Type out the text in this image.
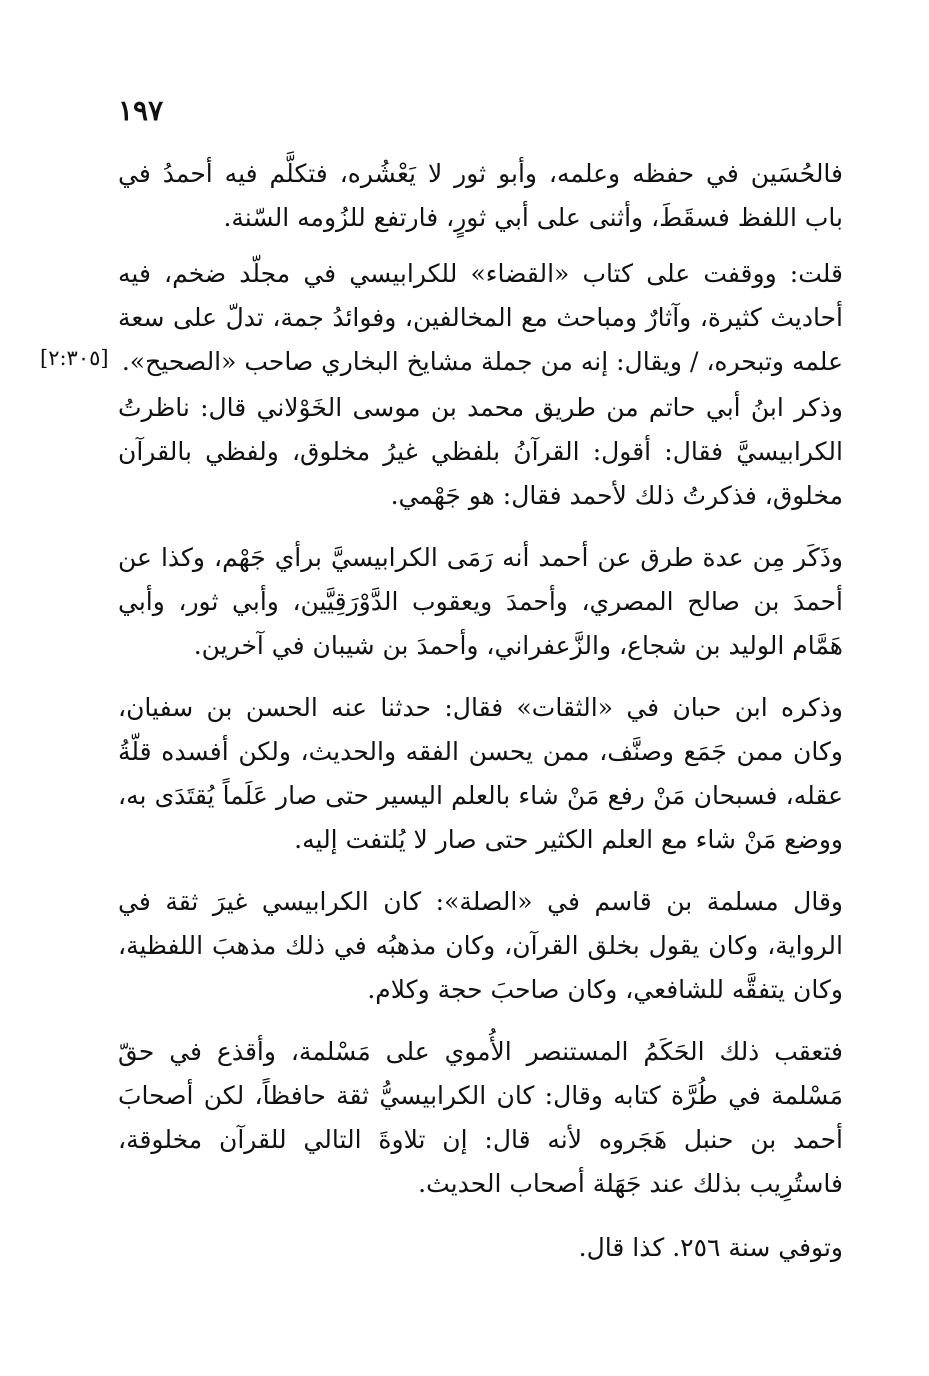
١٩٧
[٢:٣٠٥]

فالحُسَين في حفظه وعلمه، وأبو ثور لا يَعْشُره، فتكلَّم فيه أحمدُ في باب اللفظ فسقَطَ، وأثنى على أبي ثورٍ، فارتفع للزُومه السّنة.

قلت: ووقفت على كتاب «القضاء» للكرابيسي في مجلّد ضخم، فيه أحاديث كثيرة، وآثارٌ ومباحث مع المخالفين، وفوائدُ جمة، تدلّ على سعة علمه وتبحره، / ويقال: إنه من جملة مشايخ البخاري صاحب «الصحيح».

وذكر ابنُ أبي حاتم من طريق محمد بن موسى الخَوْلاني قال: ناظرتُ الكرابيسيَّ فقال: أقول: القرآنُ بلفظي غيرُ مخلوق، ولفظي بالقرآن مخلوق، فذكرتُ ذلك لأحمد فقال: هو جَهْمي.

وذَكَر مِن عدة طرق عن أحمد أنه رَمَى الكرابيسيَّ برأي جَهْم، وكذا عن أحمدَ بن صالح المصري، وأحمدَ ويعقوب الدَّوْرَقِيَّين، وأبي ثور، وأبي هَمَّام الوليد بن شجاع، والزَّعفراني، وأحمدَ بن شيبان في آخرين.

وذكره ابن حبان في «الثقات» فقال: حدثنا عنه الحسن بن سفيان، وكان ممن جَمَع وصنَّف، ممن يحسن الفقه والحديث، ولكن أفسده قلّةُ عقله، فسبحان مَنْ رفع مَنْ شاء بالعلم اليسير حتى صار عَلَماً يُقتَدَى به، ووضع مَنْ شاء مع العلم الكثير حتى صار لا يُلتفت إليه.

وقال مسلمة بن قاسم في «الصلة»: كان الكرابيسي غيرَ ثقة في الرواية، وكان يقول بخلق القرآن، وكان مذهبُه في ذلك مذهبَ اللفظية، وكان يتفقَّه للشافعي، وكان صاحبَ حجة وكلام.

فتعقب ذلك الحَكَمُ المستنصر الأُموي على مَسْلمة، وأقذع في حقّ مَسْلمة في طُرَّة كتابه وقال: كان الكرابيسيُّ ثقة حافظاً، لكن أصحابَ أحمد بن حنبل هَجَروه لأنه قال: إن تلاوةَ التالي للقرآن مخلوقة، فاستُرِيب بذلك عند جَهَلة أصحاب الحديث.

وتوفي سنة ٢٥٦. كذا قال.
